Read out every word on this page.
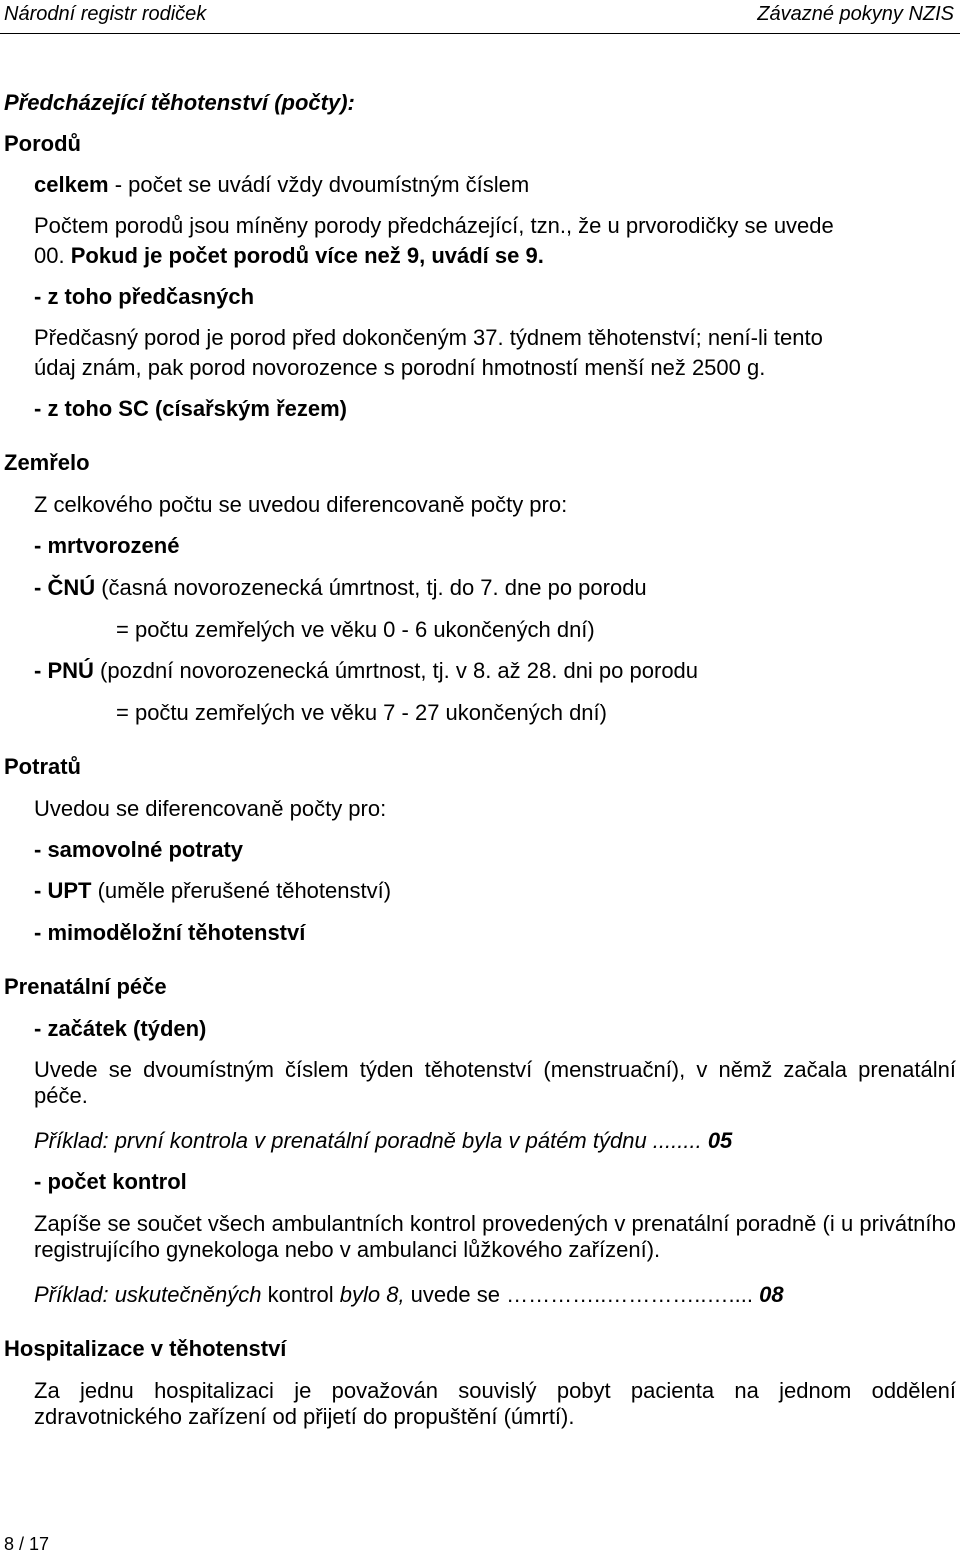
Národní registr rodiček	Závazné pokyny NZIS
Předcházející těhotenství (počty):
Porodů
celkem - počet se uvádí vždy dvoumístným číslem
Počtem porodů jsou míněny porody předcházející, tzn., že u prvorodičky se uvede
00. Pokud je počet porodů více než 9, uvádí se 9.
- z toho předčasných
Předčasný porod je porod před dokončeným 37. týdnem těhotenství; není-li tento
údaj znám, pak porod novorozence s porodní hmotností menší než 2500 g.
- z toho SC (císařským řezem)
Zemřelo
Z celkového počtu se uvedou diferencovaně počty pro:
- mrtvorozené
- ČNÚ (časná novorozenecká úmrtnost, tj. do 7. dne po porodu
= počtu zemřelých ve věku 0 - 6 ukončených dní)
- PNÚ (pozdní novorozenecká úmrtnost, tj. v 8. až 28. dni po porodu
= počtu zemřelých ve věku 7 - 27 ukončených dní)
Potratů
Uvedou se diferencovaně počty pro:
- samovolné potraty
- UPT (uměle přerušené těhotenství)
- mimoděložní těhotenství
Prenatální péče
- začátek (týden)
Uvede se dvoumístným číslem týden těhotenství (menstruační), v němž začala prenatální péče.
Příklad: první kontrola v prenatální poradně byla v pátém týdnu ........ 05
- počet kontrol
Zapíše se součet všech ambulantních kontrol provedených v prenatální poradně (i u privátního registrujícího gynekologa nebo v ambulanci lůžkového zařízení).
Příklad: uskutečněných kontrol bylo 8, uvede se …………..…………..….... 08
Hospitalizace v těhotenství
Za jednu hospitalizaci je považován souvislý pobyt pacienta na jednom oddělení zdravotnického zařízení od přijetí do propuštění (úmrtí).
8 / 17
